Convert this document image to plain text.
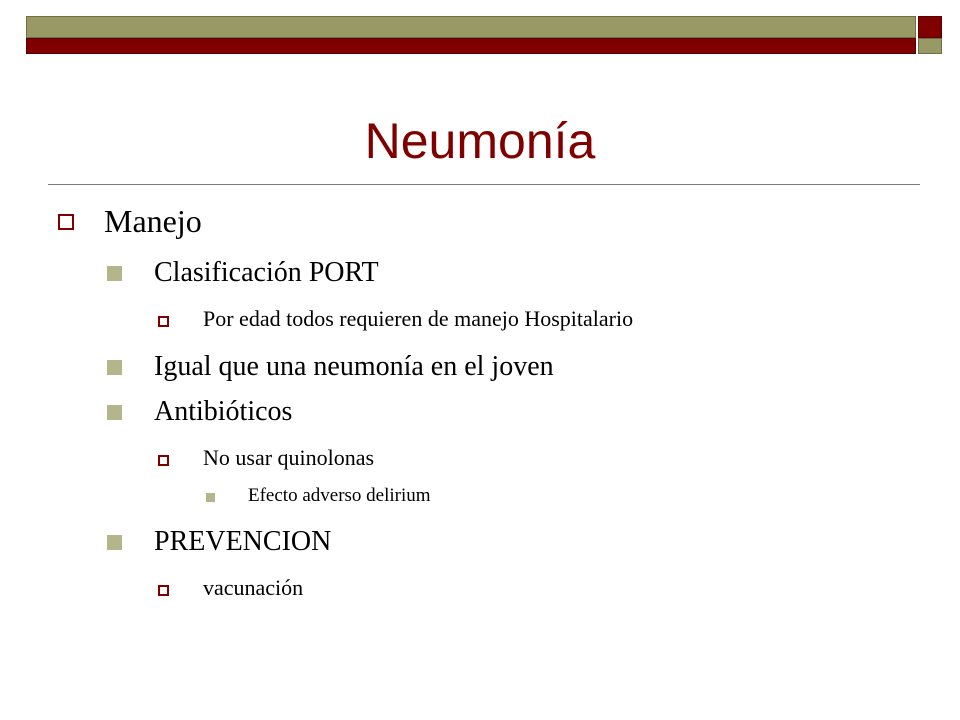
Neumonía
Manejo
Clasificación PORT
Por edad todos requieren de manejo Hospitalario
Igual que una neumonía en el joven
Antibióticos
No usar quinolonas
Efecto adverso delirium
PREVENCION
vacunación
